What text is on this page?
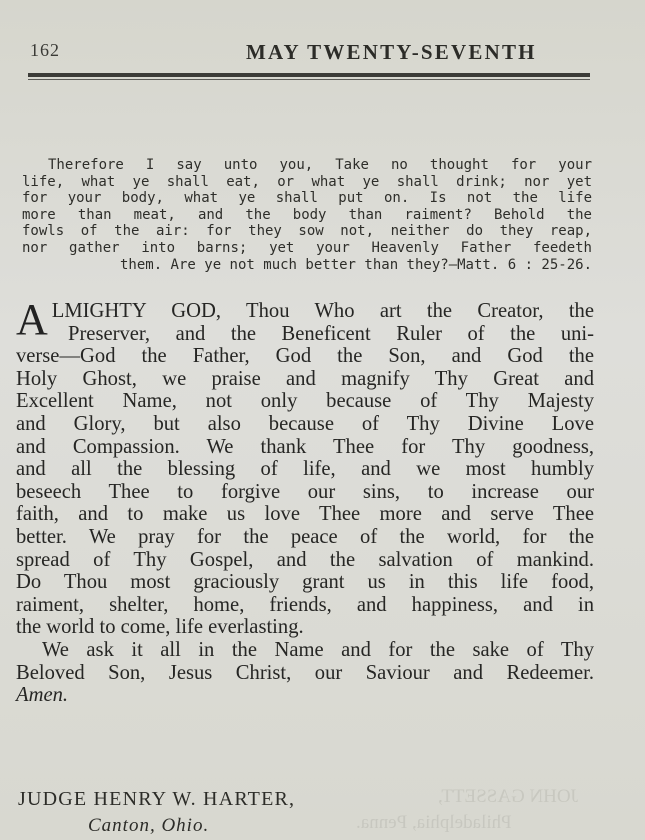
162	MAY TWENTY-SEVENTH
Therefore I say unto you, Take no thought for your
life, what ye shall eat, or what ye shall drink; nor yet
for your body, what ye shall put on. Is not the life
more than meat, and the body than raiment? Behold the
fowls of the air: for they sow not, neither do they reap,
nor gather into barns; yet your Heavenly Father feedeth
them. Are ye not much better than they?—Matt. 6 : 25-26.
A LMIGHTY GOD, Thou Who art the Creator, the
Preserver, and the Beneficent Ruler of the uni-
verse—God the Father, God the Son, and God the
Holy Ghost, we praise and magnify Thy Great and
Excellent Name, not only because of Thy Majesty
and Glory, but also because of Thy Divine Love
and Compassion. We thank Thee for Thy goodness,
and all the blessing of life, and we most humbly
beseech Thee to forgive our sins, to increase our
faith, and to make us love Thee more and serve Thee
better. We pray for the peace of the world, for the
spread of Thy Gospel, and the salvation of mankind.
Do Thou most graciously grant us in this life food,
raiment, shelter, home, friends, and happiness, and in
the world to come, life everlasting.
We ask it all in the Name and for the sake of Thy
Beloved Son, Jesus Christ, our Saviour and Redeemer.
Amen.
JUDGE HENRY W. HARTER,
Canton, Ohio.
JOHN GASSETT,
Philadelphia, Penna.
